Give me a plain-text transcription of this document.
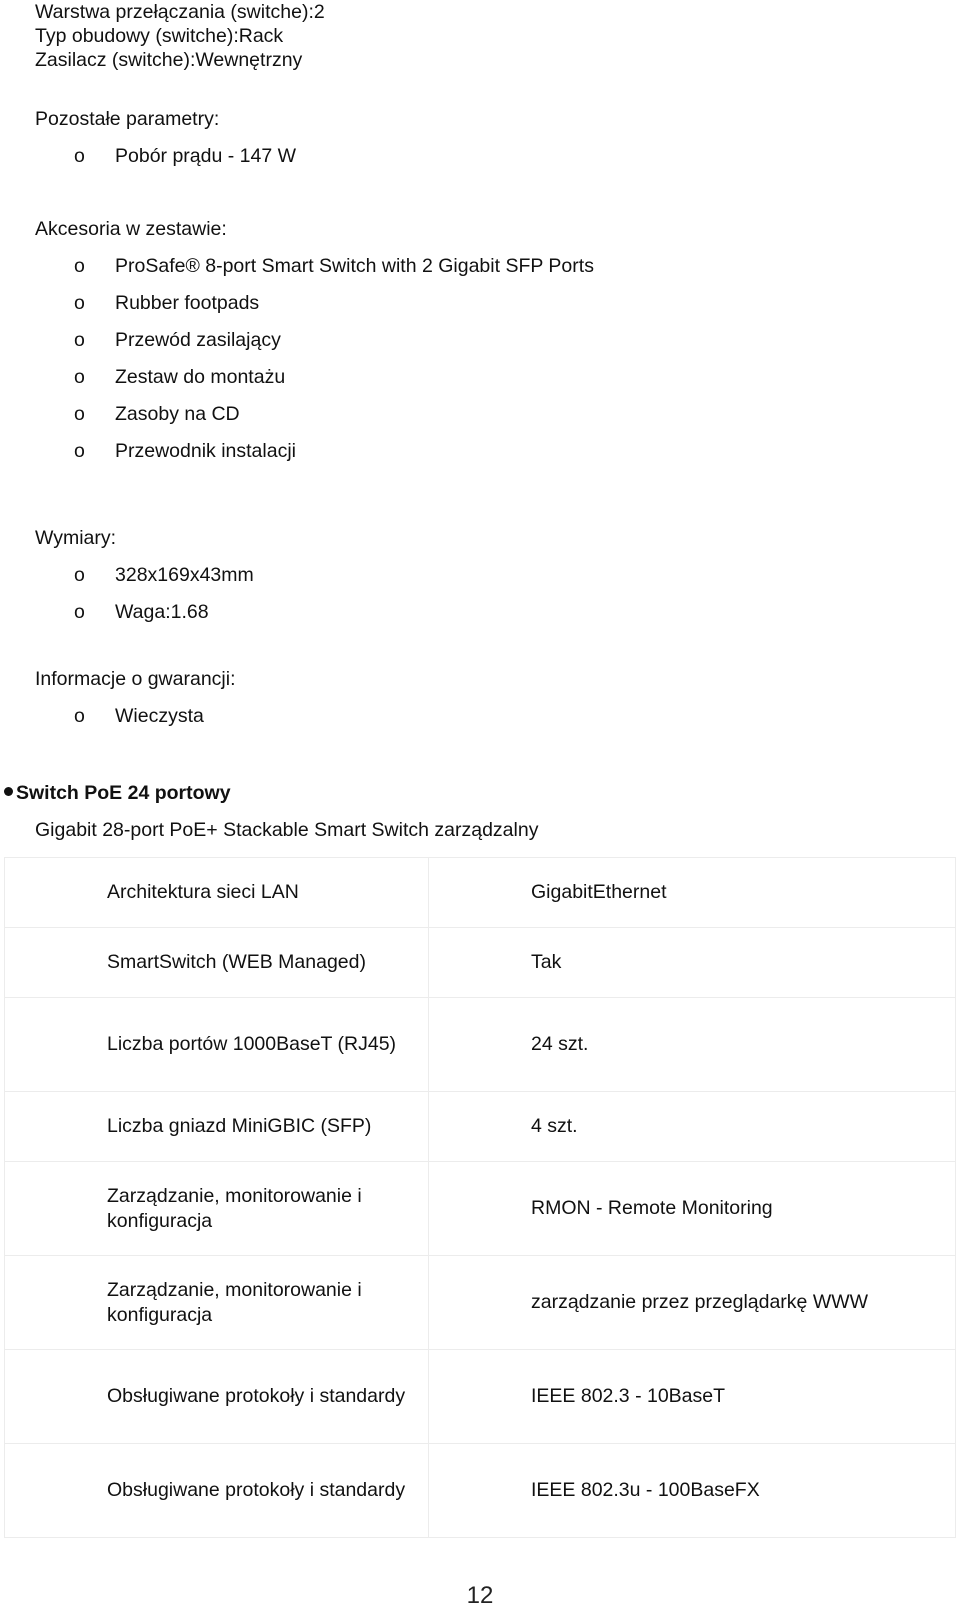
Warstwa przełączania (switche):2
Typ obudowy (switche):Rack
Zasilacz (switche):Wewnętrzny
Pozostałe parametry:
o Pobór prądu - 147 W
Akcesoria w zestawie:
o ProSafe® 8-port Smart Switch with 2 Gigabit SFP Ports
o Rubber footpads
o Przewód zasilający
o Zestaw do montażu
o Zasoby na CD
o Przewodnik instalacji
Wymiary:
o 328x169x43mm
o Waga:1.68
Informacje o gwarancji:
o Wieczysta
Switch PoE 24 portowy
Gigabit 28-port PoE+ Stackable Smart Switch zarządzalny
Architektura sieci LAN	GigabitEthernet
SmartSwitch (WEB Managed)	Tak
Liczba portów 1000BaseT (RJ45)	24 szt.
Liczba gniazd MiniGBIC (SFP)	4 szt.
Zarządzanie, monitorowanie i konfiguracja	RMON - Remote Monitoring
Zarządzanie, monitorowanie i konfiguracja	zarządzanie przez przeglądarkę WWW
Obsługiwane protokoły i standardy	IEEE 802.3 - 10BaseT
Obsługiwane protokoły i standardy	IEEE 802.3u - 100BaseFX
12
